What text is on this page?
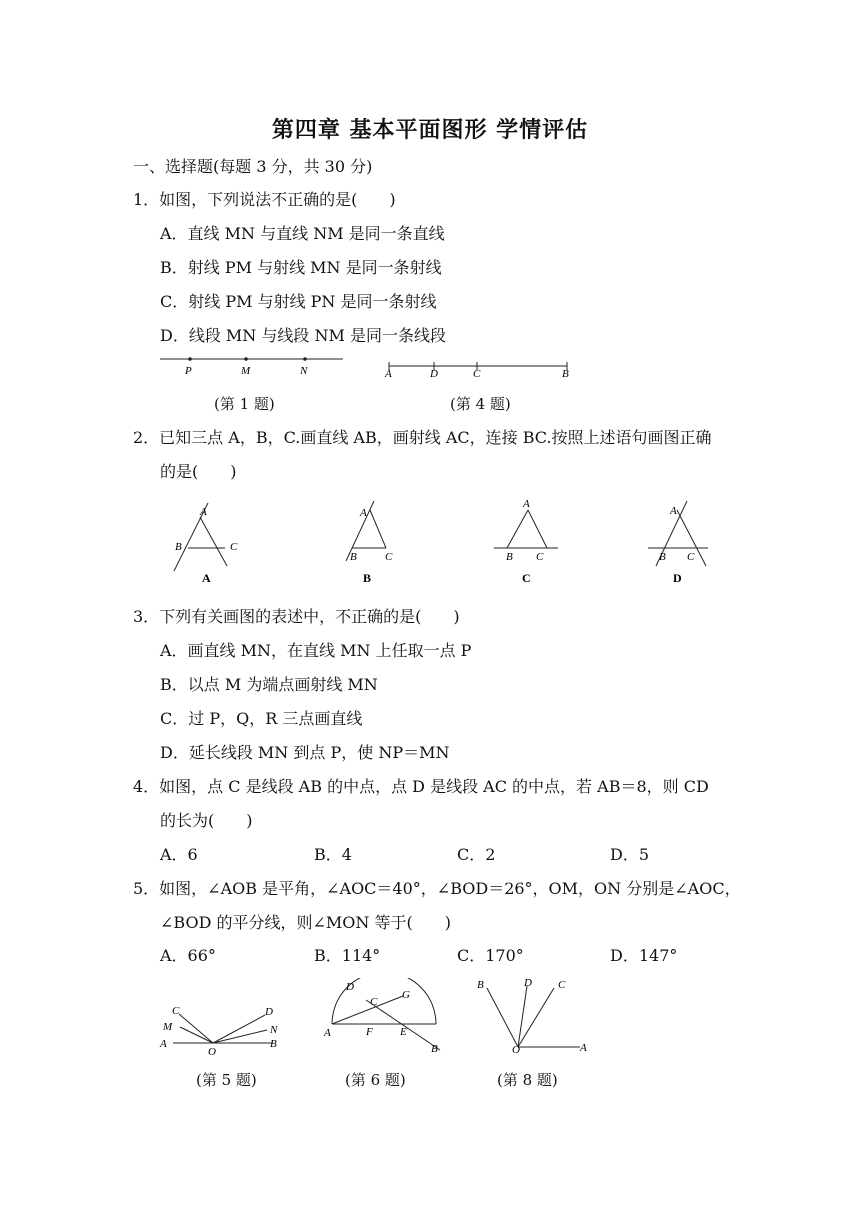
第四章 基本平面图形 学情评估
一、选择题(每题 3 分，共 30 分)
1．如图，下列说法不正确的是(　　)
A．直线 MN 与直线 NM 是同一条直线
B．射线 PM 与射线 MN 是同一条射线
C．射线 PM 与射线 PN 是同一条射线
D．线段 MN 与线段 NM 是同一条线段
P	M	N
(第 1 题)
A	D	C	B
(第 4 题)
2．已知三点 A，B，C.画直线 AB，画射线 AC，连接 BC.按照上述语句画图正确
的是(　　)
A
B	C
A
A
B	C
B
A
B C
C
A
B C
D
3．下列有关画图的表述中，不正确的是(　　)
A．画直线 MN，在直线 MN 上任取一点 P
B．以点 M 为端点画射线 MN
C．过 P，Q，R 三点画直线
D．延长线段 MN 到点 P，使 NP＝MN
4．如图，点 C 是线段 AB 的中点，点 D 是线段 AC 的中点，若 AB＝8，则 CD
的长为(　　)
A．6	B．4	C．2	D．5
5．如图，∠AOB 是平角，∠AOC＝40°，∠BOD＝26°，OM，ON 分别是∠AOC，
∠BOD 的平分线，则∠MON 等于(　　)
A．66°	B．114°	C．170°	D．147°
C
M
A
O
D
N
B
(第 5 题)
D
C
G
A	F E
B
(第 6 题)
B	D C
O	A
(第 8 题)
